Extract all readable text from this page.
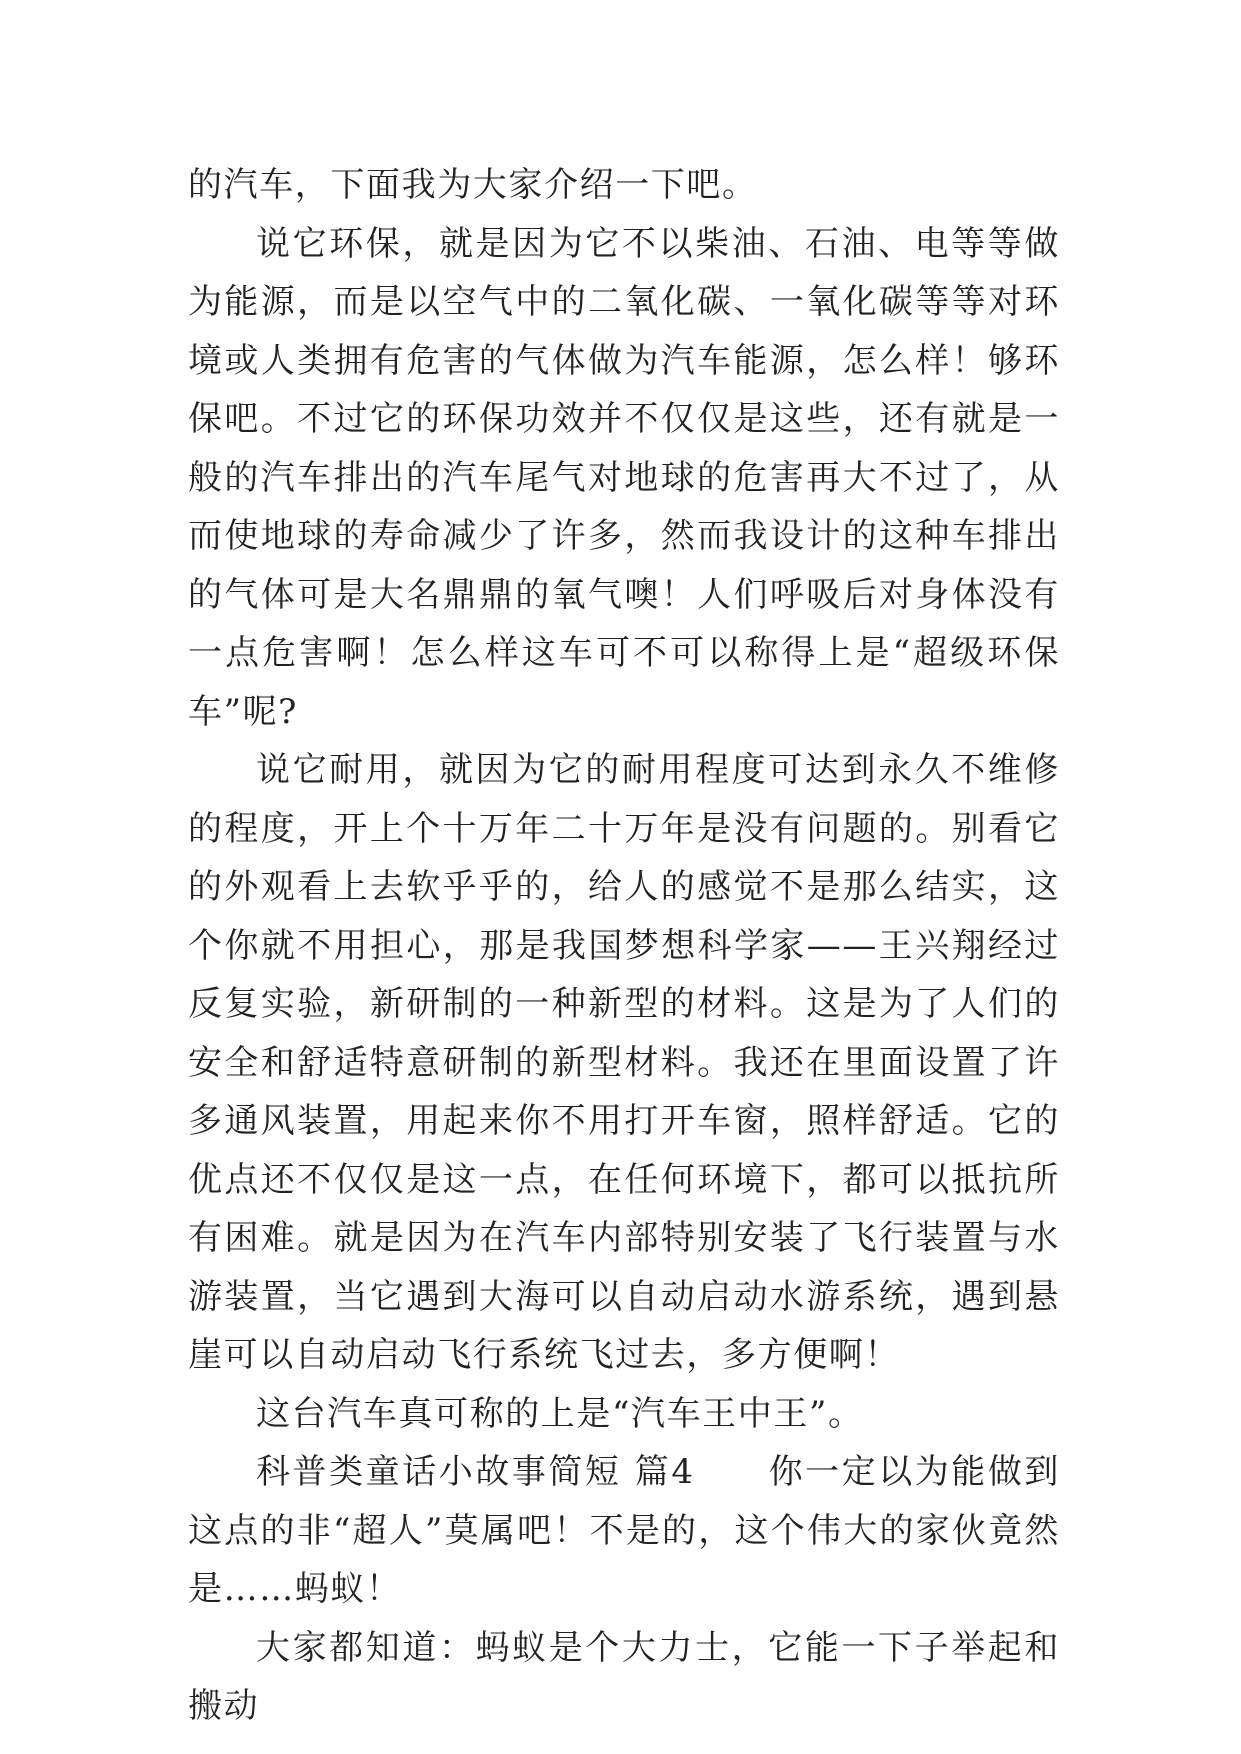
的汽车，下面我为大家介绍一下吧。

说它环保，就是因为它不以柴油、石油、电等等做为能源，而是以空气中的二氧化碳、一氧化碳等等对环境或人类拥有危害的气体做为汽车能源，怎么样！够环保吧。不过它的环保功效并不仅仅是这些，还有就是一般的汽车排出的汽车尾气对地球的危害再大不过了，从而使地球的寿命减少了许多，然而我设计的这种车排出的气体可是大名鼎鼎的氧气噢！人们呼吸后对身体没有一点危害啊！怎么样这车可不可以称得上是“超级环保车”呢?

说它耐用，就因为它的耐用程度可达到永久不维修的程度，开上个十万年二十万年是没有问题的。别看它的外观看上去软乎乎的，给人的感觉不是那么结实，这个你就不用担心，那是我国梦想科学家——王兴翔经过反复实验，新研制的一种新型的材料。这是为了人们的安全和舒适特意研制的新型材料。我还在里面设置了许多通风装置，用起来你不用打开车窗，照样舒适。它的优点还不仅仅是这一点，在任何环境下，都可以抵抗所有困难。就是因为在汽车内部特别安装了飞行装置与水游装置，当它遇到大海可以自动启动水游系统，遇到悬崖可以自动启动飞行系统飞过去，多方便啊！

这台汽车真可称的上是“汽车王中王”。

科普类童话小故事简短 篇4　　你一定以为能做到这点的非“超人”莫属吧！不是的，这个伟大的家伙竟然是……蚂蚁！

大家都知道：蚂蚁是个大力士，它能一下子举起和搬动
